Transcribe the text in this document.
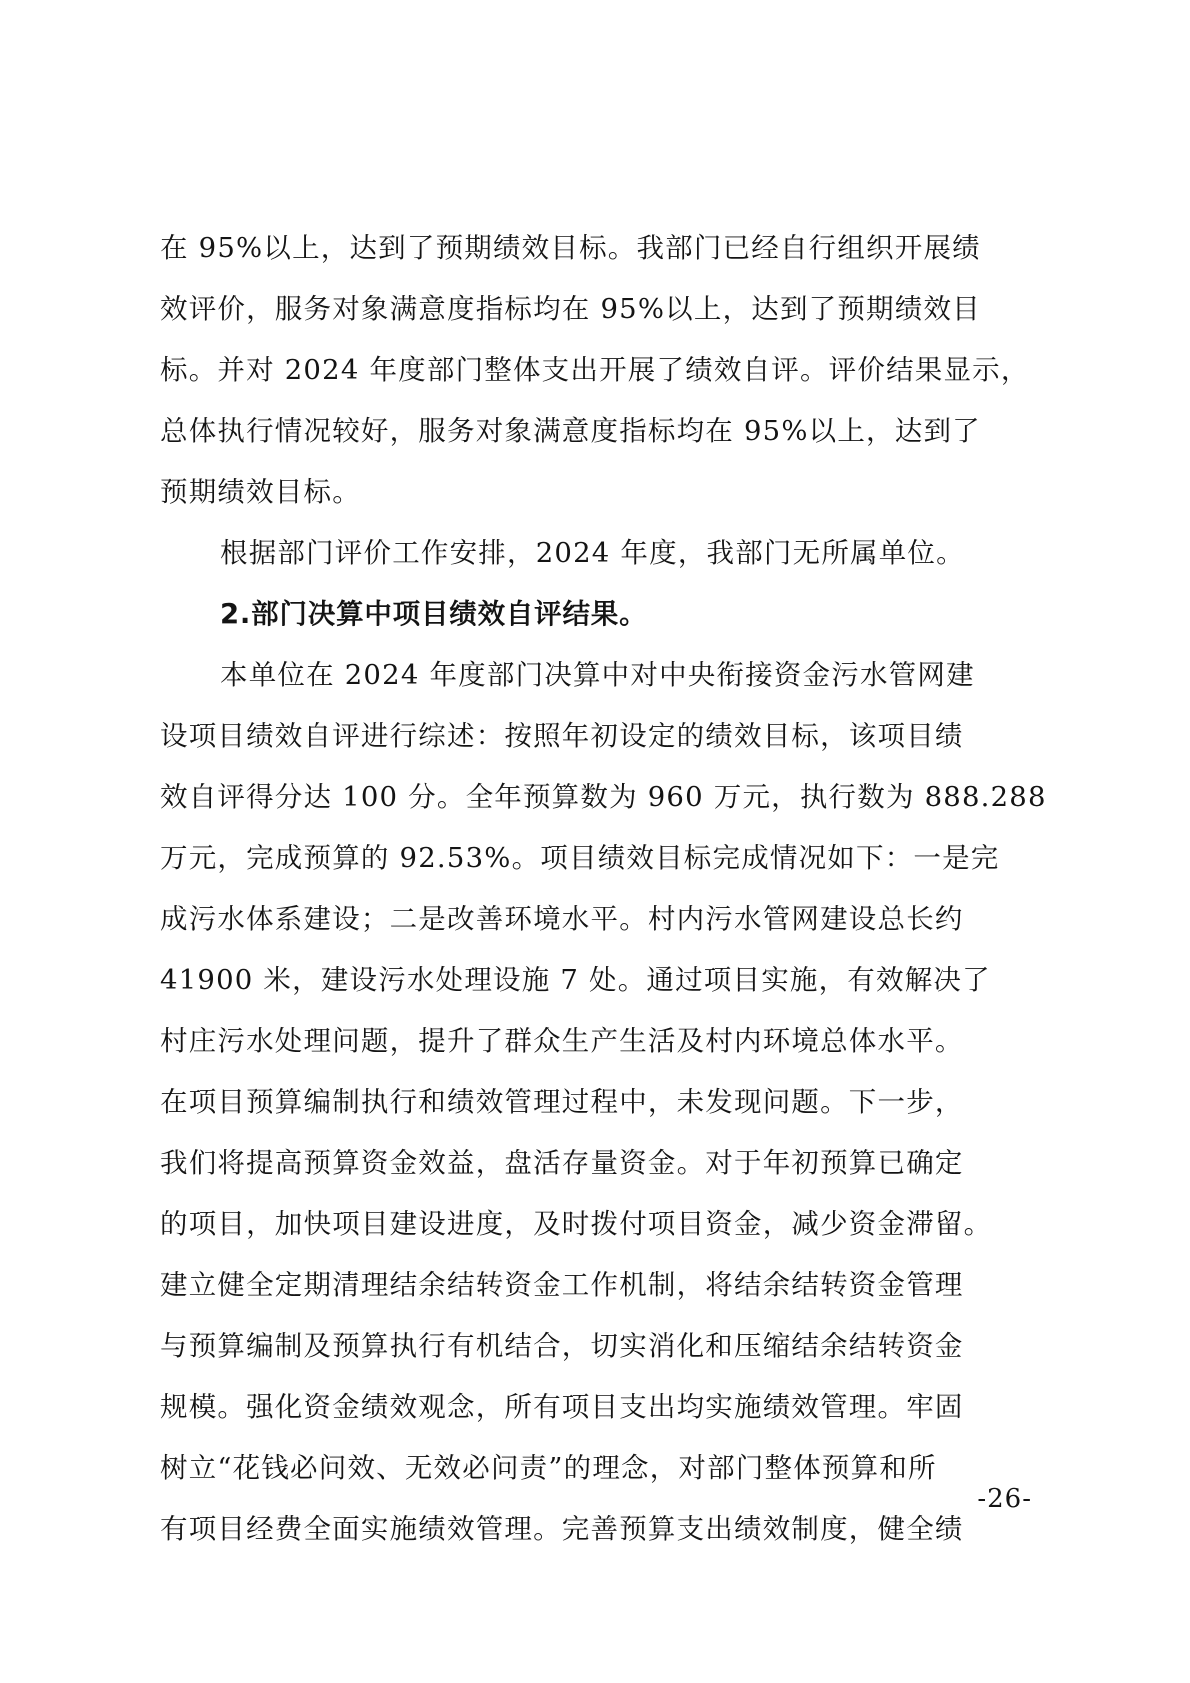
在 95%以上，达到了预期绩效目标。我部门已经自行组织开展绩
效评价，服务对象满意度指标均在 95%以上，达到了预期绩效目
标。并对 2024 年度部门整体支出开展了绩效自评。评价结果显示，
总体执行情况较好，服务对象满意度指标均在 95%以上，达到了
预期绩效目标。
根据部门评价工作安排，2024 年度，我部门无所属单位。
2.部门决算中项目绩效自评结果。
本单位在 2024 年度部门决算中对中央衔接资金污水管网建
设项目绩效自评进行综述：按照年初设定的绩效目标，该项目绩
效自评得分达 100 分。全年预算数为 960 万元，执行数为 888.288
万元，完成预算的 92.53%。项目绩效目标完成情况如下：一是完
成污水体系建设；二是改善环境水平。村内污水管网建设总长约
41900 米，建设污水处理设施 7 处。通过项目实施，有效解决了
村庄污水处理问题，提升了群众生产生活及村内环境总体水平。
在项目预算编制执行和绩效管理过程中，未发现问题。下一步，
我们将提高预算资金效益，盘活存量资金。对于年初预算已确定
的项目，加快项目建设进度，及时拨付项目资金，减少资金滞留。
建立健全定期清理结余结转资金工作机制，将结余结转资金管理
与预算编制及预算执行有机结合，切实消化和压缩结余结转资金
规模。强化资金绩效观念，所有项目支出均实施绩效管理。牢固
树立“花钱必问效、无效必问责”的理念，对部门整体预算和所
有项目经费全面实施绩效管理。完善预算支出绩效制度，健全绩
-26-
